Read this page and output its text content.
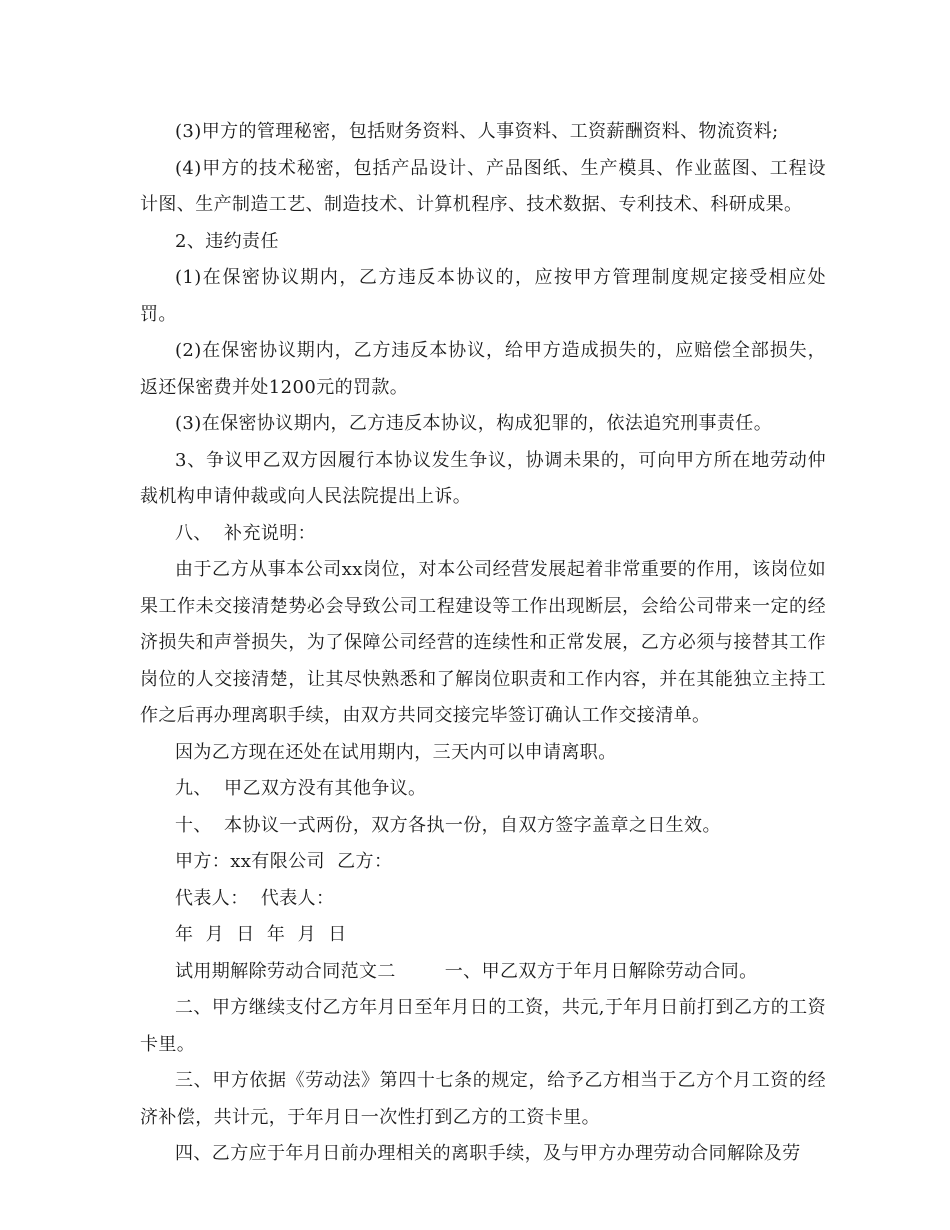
(3)甲方的管理秘密，包括财务资料、人事资料、工资薪酬资料、物流资料;

(4)甲方的技术秘密，包括产品设计、产品图纸、生产模具、作业蓝图、工程设计图、生产制造工艺、制造技术、计算机程序、技术数据、专利技术、科研成果。

2、违约责任

(1)在保密协议期内，乙方违反本协议的，应按甲方管理制度规定接受相应处罚。

(2)在保密协议期内，乙方违反本协议，给甲方造成损失的，应赔偿全部损失，返还保密费并处1200元的罚款。

(3)在保密协议期内，乙方违反本协议，构成犯罪的，依法追究刑事责任。

3、争议甲乙双方因履行本协议发生争议，协调未果的，可向甲方所在地劳动仲裁机构申请仲裁或向人民法院提出上诉。

八、  补充说明：

由于乙方从事本公司xx岗位，对本公司经营发展起着非常重要的作用，该岗位如果工作未交接清楚势必会导致公司工程建设等工作出现断层，会给公司带来一定的经济损失和声誉损失，为了保障公司经营的连续性和正常发展，乙方必须与接替其工作岗位的人交接清楚，让其尽快熟悉和了解岗位职责和工作内容，并在其能独立主持工作之后再办理离职手续，由双方共同交接完毕签订确认工作交接清单。

因为乙方现在还处在试用期内，三天内可以申请离职。

九、  甲乙双方没有其他争议。

十、  本协议一式两份，双方各执一份，自双方签字盖章之日生效。

甲方：xx有限公司  乙方：

代表人：  代表人：

年  月  日  年  月  日

试用期解除劳动合同范文二        一、甲乙双方于年月日解除劳动合同。

二、甲方继续支付乙方年月日至年月日的工资，共元,于年月日前打到乙方的工资卡里。

三、甲方依据《劳动法》第四十七条的规定，给予乙方相当于乙方个月工资的经济补偿，共计元，于年月日一次性打到乙方的工资卡里。

四、乙方应于年月日前办理相关的离职手续，及与甲方办理劳动合同解除及劳
